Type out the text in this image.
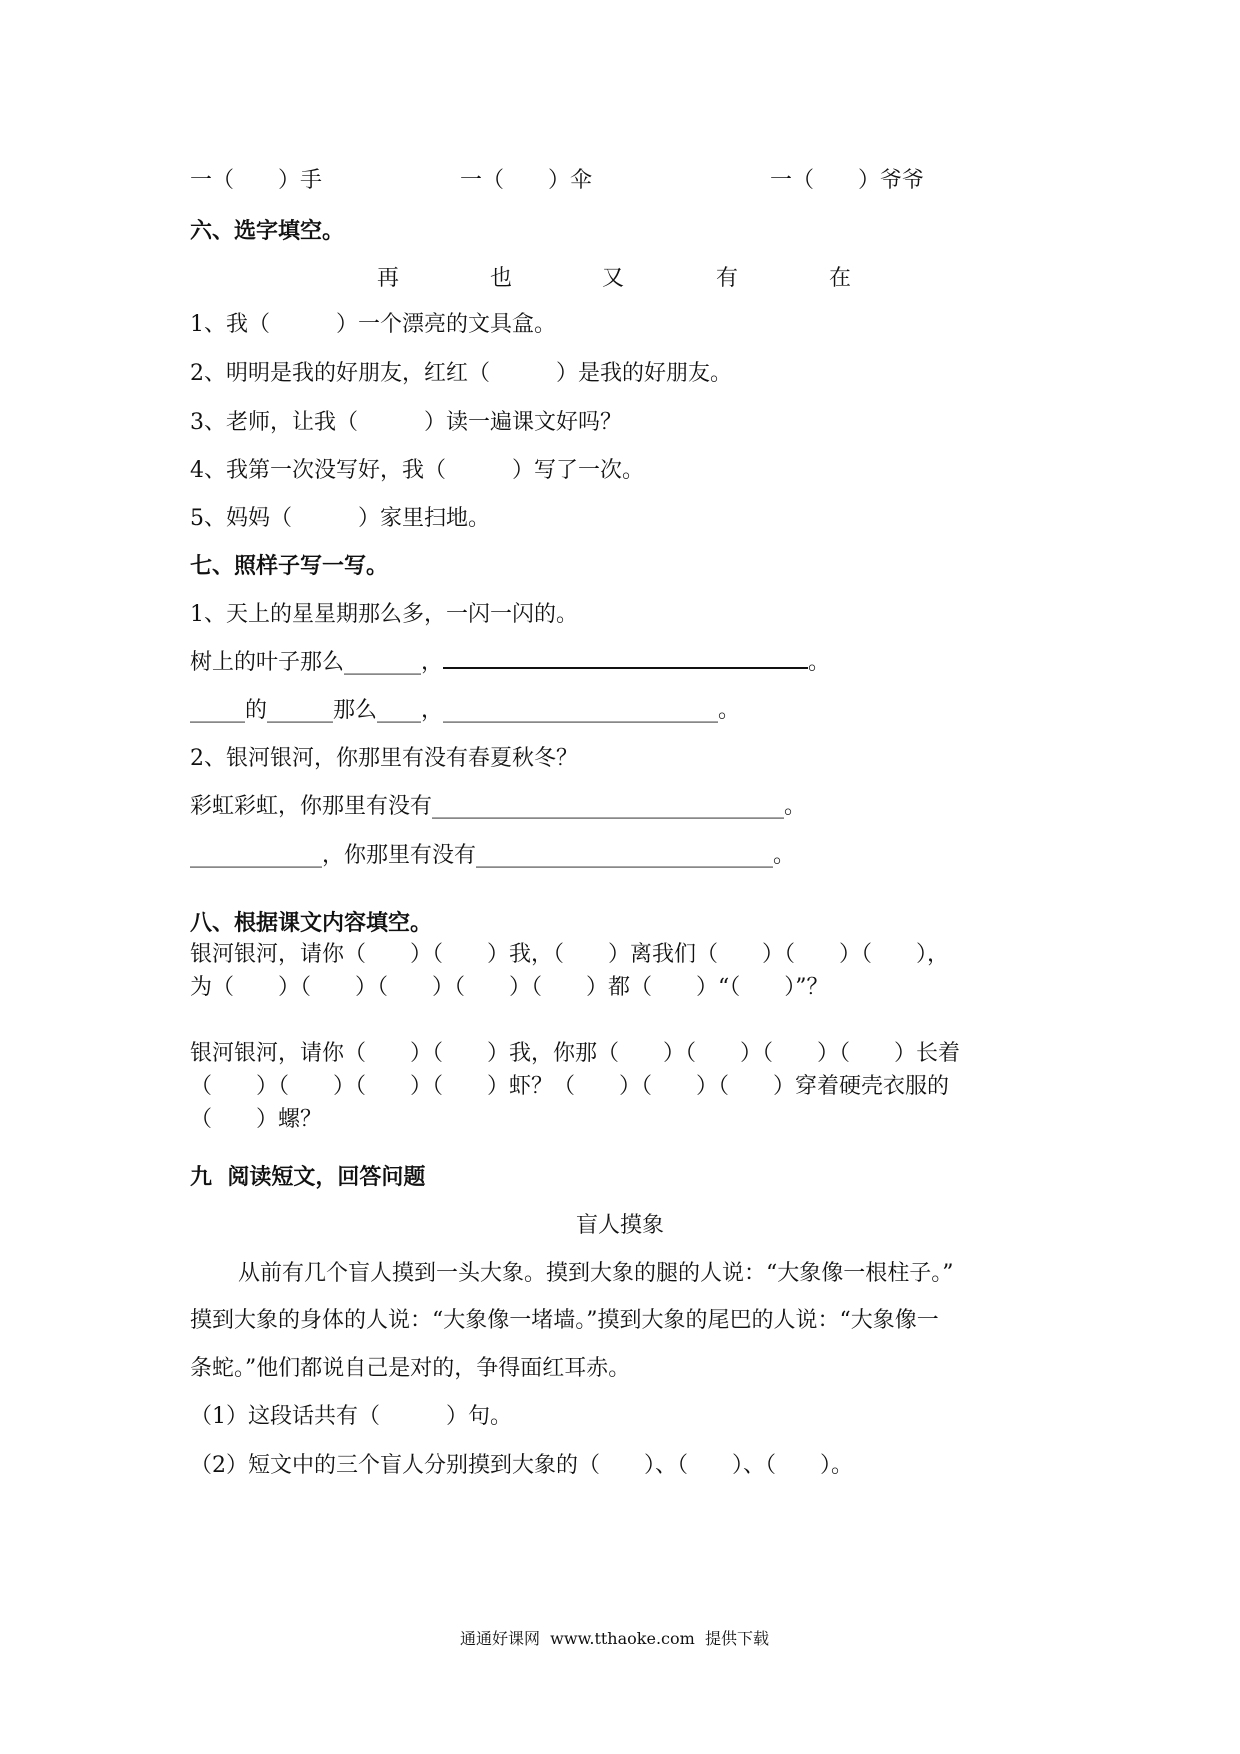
一（　　）手	一（　　）伞	一（　　）爷爷
六、选字填空。
再	也	又	有	在
1、我（　　　）一个漂亮的文具盒。
2、明明是我的好朋友，红红（　　　）是我的好朋友。
3、老师，让我（　　　）读一遍课文好吗？
4、我第一次没写好，我（　　　）写了一次。
5、妈妈（　　　）家里扫地。
七、照样子写一写。
1、天上的星星期那么多，一闪一闪的。
树上的叶子那么_______，	。
_____的______那么____，_________________________。
2、银河银河，你那里有没有春夏秋冬？
彩虹彩虹，你那里有没有________________________________。
____________，你那里有没有___________________________。
八、根据课文内容填空。
银河银河，请你（　　）（　　）我，（　　）离我们（　　）（　　）（　　），
为（　　）（　　）（　　）（　　）（　　）都（　　）“（　　）”？
银河银河，请你（　　）（　　）我，你那（　　）（　　）（　　）（　　）长着
（　　）（　　）（　　）（　　）虾？（　　）（　　）（　　）穿着硬壳衣服的
（　　）螺？
九  阅读短文，回答问题
盲人摸象
从前有几个盲人摸到一头大象。摸到大象的腿的人说：“大象像一根柱子。”
摸到大象的身体的人说：“大象像一堵墙。”摸到大象的尾巴的人说：“大象像一
条蛇。”他们都说自己是对的，争得面红耳赤。
（1）这段话共有（　　　）句。
（2）短文中的三个盲人分别摸到大象的（　　）、（　　）、（　　）。
通通好课网  www.tthaoke.com  提供下载
